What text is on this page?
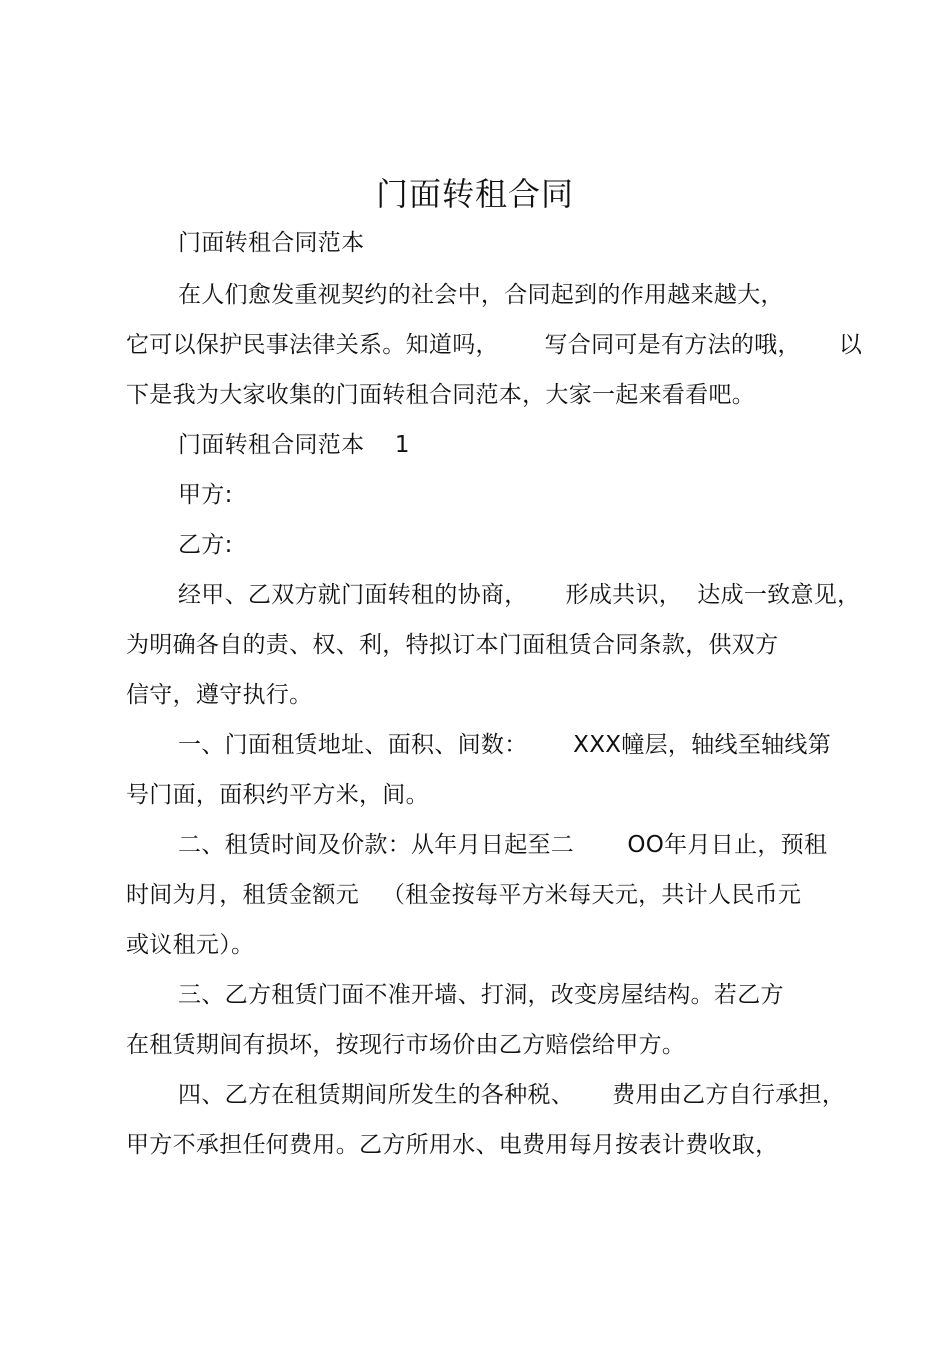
门面转租合同
门面转租合同范本
在人们愈发重视契约的社会中，合同起到的作用越来越大，
它可以保护民事法律关系。知道吗，      写合同可是有方法的哦，     以
下是我为大家收集的门面转租合同范本，大家一起来看看吧。
门面转租合同范本    1
甲方:
乙方:
经甲、乙双方就门面转租的协商，     形成共识，  达成一致意见，
为明确各自的责、权、利，特拟订本门面租赁合同条款，供双方
信守，遵守执行。
一、门面租赁地址、面积、间数：      XXX幢层，轴线至轴线第
号门面，面积约平方米，间。
二、租赁时间及价款：从年月日起至二       OO年月日止，预租
时间为月，租赁金额元   （租金按每平方米每天元，共计人民币元
或议租元）。
三、乙方租赁门面不准开墙、打洞，改变房屋结构。若乙方
在租赁期间有损坏，按现行市场价由乙方赔偿给甲方。
四、乙方在租赁期间所发生的各种税、     费用由乙方自行承担，
甲方不承担任何费用。乙方所用水、电费用每月按表计费收取，
